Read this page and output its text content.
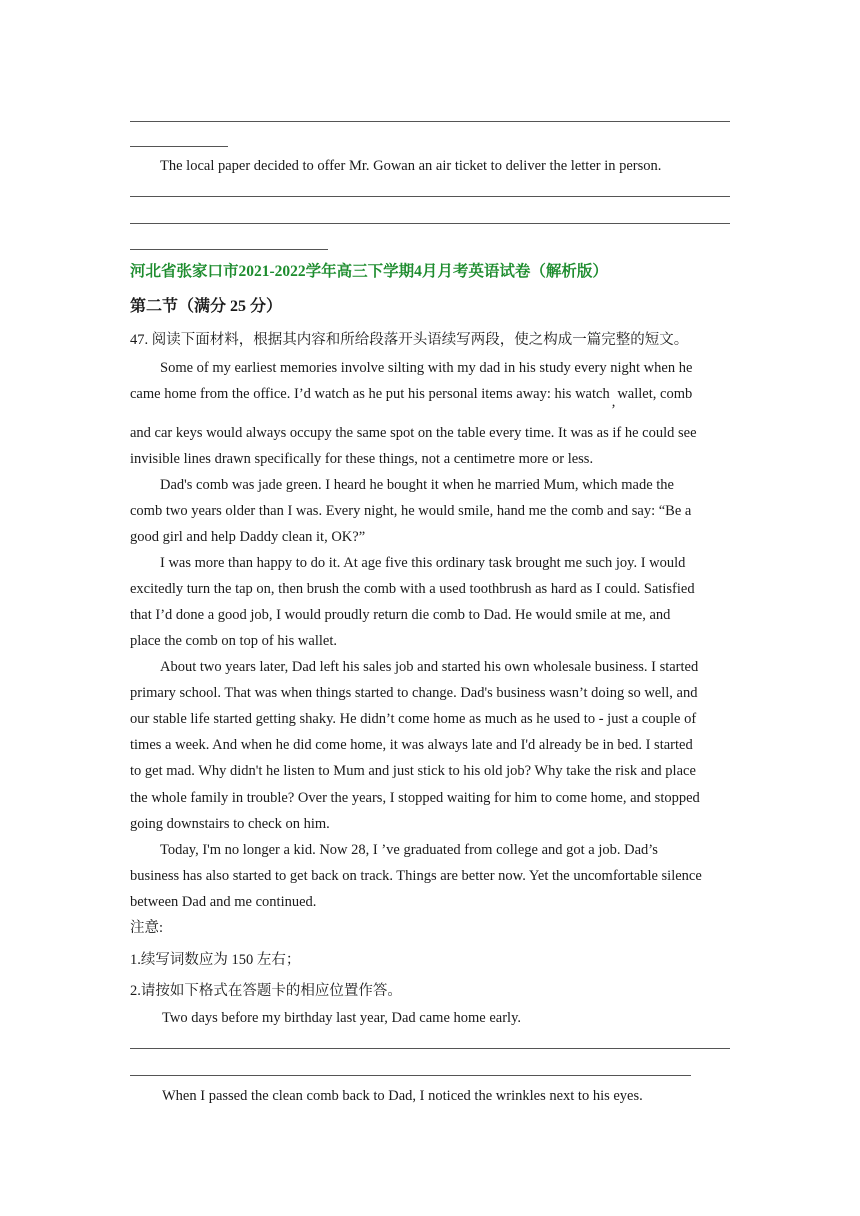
The local paper decided to offer Mr. Gowan an air ticket to deliver the letter in person.
河北省张家口市2021-2022学年高三下学期4月月考英语试卷（解析版）
第二节（满分 25 分）
47. 阅读下面材料，根据其内容和所给段落开头语续写两段，使之构成一篇完整的短文。
Some of my earliest memories involve silting with my dad in his study every night when he
came home from the office. I’d watch as he put his personal items away: his watch , wallet, comb
and car keys would always occupy the same spot on the table every time. It was as if he could see
invisible lines drawn specifically for these things, not a centimetre more or less.
Dad's comb was jade green. I heard he bought it when he married Mum, which made the
comb two years older than I was. Every night, he would smile, hand me the comb and say: “Be a
good girl and help Daddy clean it, OK?”
I was more than happy to do it. At age five this ordinary task brought me such joy. I would
excitedly turn the tap on, then brush the comb with a used toothbrush as hard as I could. Satisfied
that I’d done a good job, I would proudly return die comb to Dad. He would smile at me, and
place the comb on top of his wallet.
About two years later, Dad left his sales job and started his own wholesale business. I started
primary school. That was when things started to change. Dad's business wasn’t doing so well, and
our stable life started getting shaky. He didn’t come home as much as he used to - just a couple of
times a week. And when he did come home, it was always late and I'd already be in bed. I started
to get mad. Why didn't he listen to Mum and just stick to his old job? Why take the risk and place
the whole family in trouble? Over the years, I stopped waiting for him to come home, and stopped
going downstairs to check on him.
Today, I'm no longer a kid. Now 28, I ’ve graduated from college and got a job. Dad’s
business has also started to get back on track. Things are better now. Yet the uncomfortable silence
between Dad and me continued.
注意:
1.续写词数应为 150 左右；
2.请按如下格式在答题卡的相应位置作答。
Two days before my birthday last year, Dad came home early.
When I passed the clean comb back to Dad, I noticed the wrinkles next to his eyes.
